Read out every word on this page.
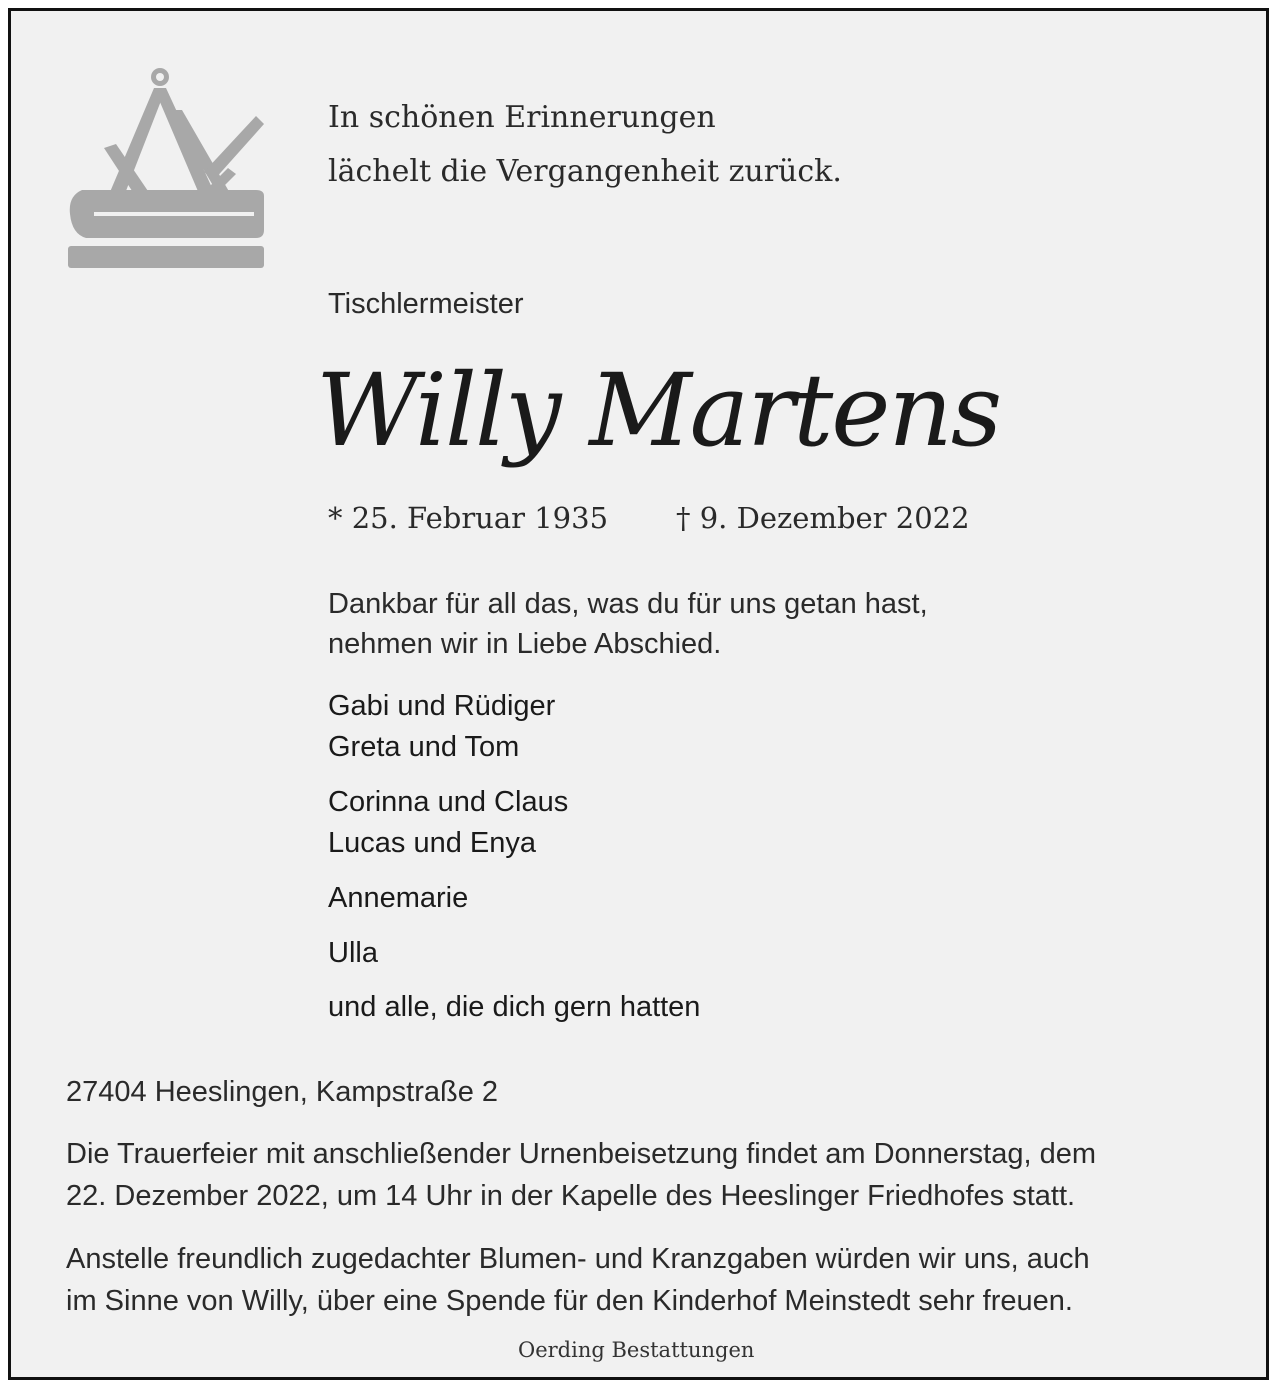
In schönen Erinnerungen
lächelt die Vergangenheit zurück.
Tischlermeister
Willy Martens
* 25. Februar 1935 † 9. Dezember 2022
Dankbar für all das, was du für uns getan hast,
nehmen wir in Liebe Abschied.
Gabi und Rüdiger
Greta und Tom
Corinna und Claus
Lucas und Enya
Annemarie
Ulla
und alle, die dich gern hatten
27404 Heeslingen, Kampstraße 2
Die Trauerfeier mit anschließender Urnenbeisetzung findet am Donnerstag, dem
22. Dezember 2022, um 14 Uhr in der Kapelle des Heeslinger Friedhofes statt.
Anstelle freundlich zugedachter Blumen- und Kranzgaben würden wir uns, auch
im Sinne von Willy, über eine Spende für den Kinderhof Meinstedt sehr freuen.
Oerding Bestattungen
